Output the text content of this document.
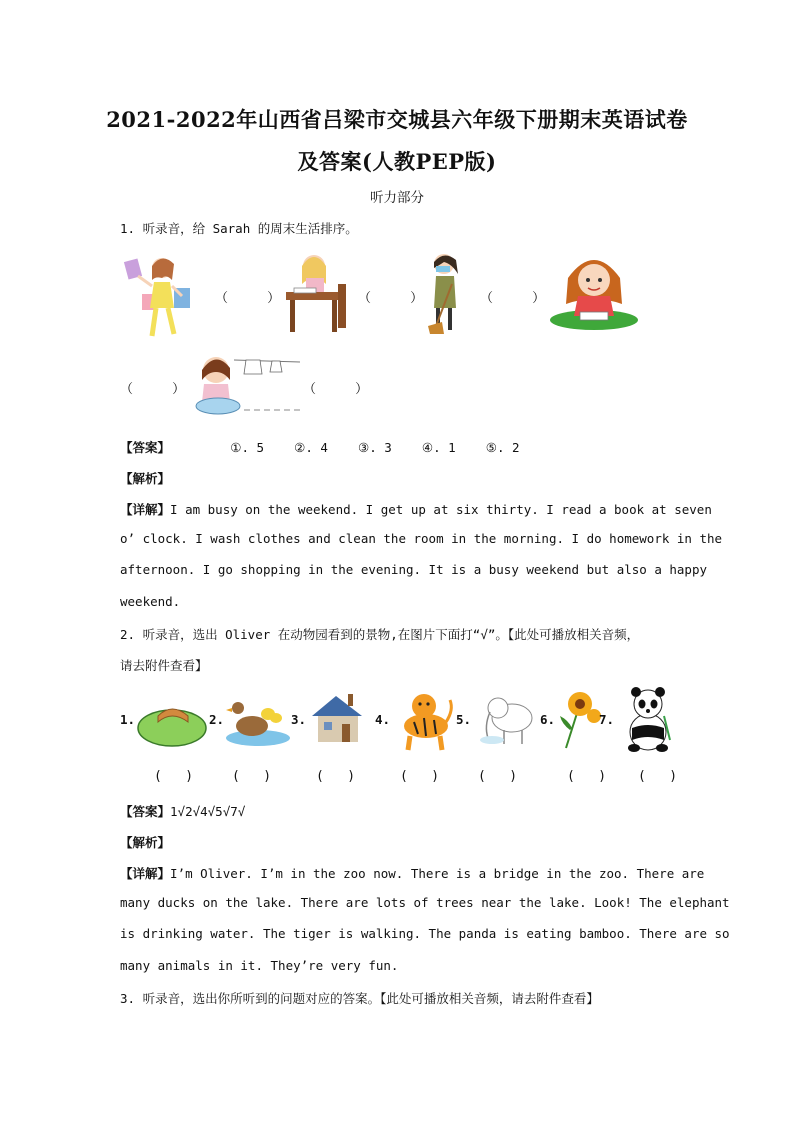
2021-2022年山西省吕梁市交城县六年级下册期末英语试卷
及答案(人教PEP版)
听力部分
1. 听录音，给 Sarah 的周末生活排序。
（     ）	（     ）	（     ）
（     ）	（     ）
【答案】	①. 5    ②. 4    ③. 3    ④. 1    ⑤. 2
【解析】
【详解】I am busy on the weekend. I get up at six thirty. I read a book at seven
o’ clock. I wash clothes and clean the room in the morning. I do homework in the
afternoon. I go shopping in the evening. It is a busy weekend but also a happy
weekend.
2. 听录音，选出 Oliver 在动物园看到的景物,在图片下面打“√”。【此处可播放相关音频，
请去附件查看】
1.	2.	3.	4.	5.	6.	7.
(   )	(   )	(   )	(   )	(   )	(   ) (   )
【答案】1√2√4√5√7√
【解析】
【详解】I’m Oliver. I’m in the zoo now. There is a bridge in the zoo. There are
many ducks on the lake. There are lots of trees near the lake. Look! The elephant
is drinking water. The tiger is walking. The panda is eating bamboo. There are so
many animals in it. They’re very fun.
3. 听录音，选出你所听到的问题对应的答案。【此处可播放相关音频，请去附件查看】
